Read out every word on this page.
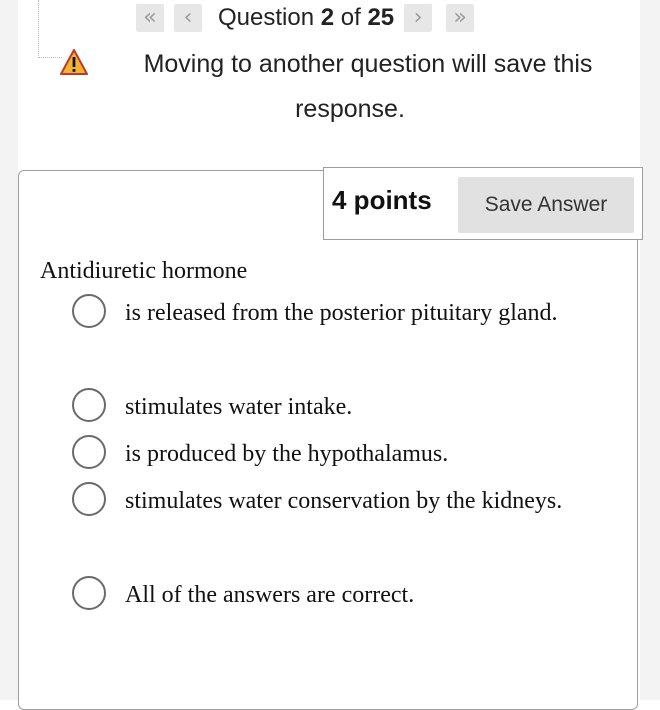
«	‹	Question 2 of 25 ›	»
Moving to another question will save this response.
4 points	Save Answer
Antidiuretic hormone
is released from the posterior pituitary gland.
stimulates water intake.
is produced by the hypothalamus.
stimulates water conservation by the kidneys.
All of the answers are correct.
